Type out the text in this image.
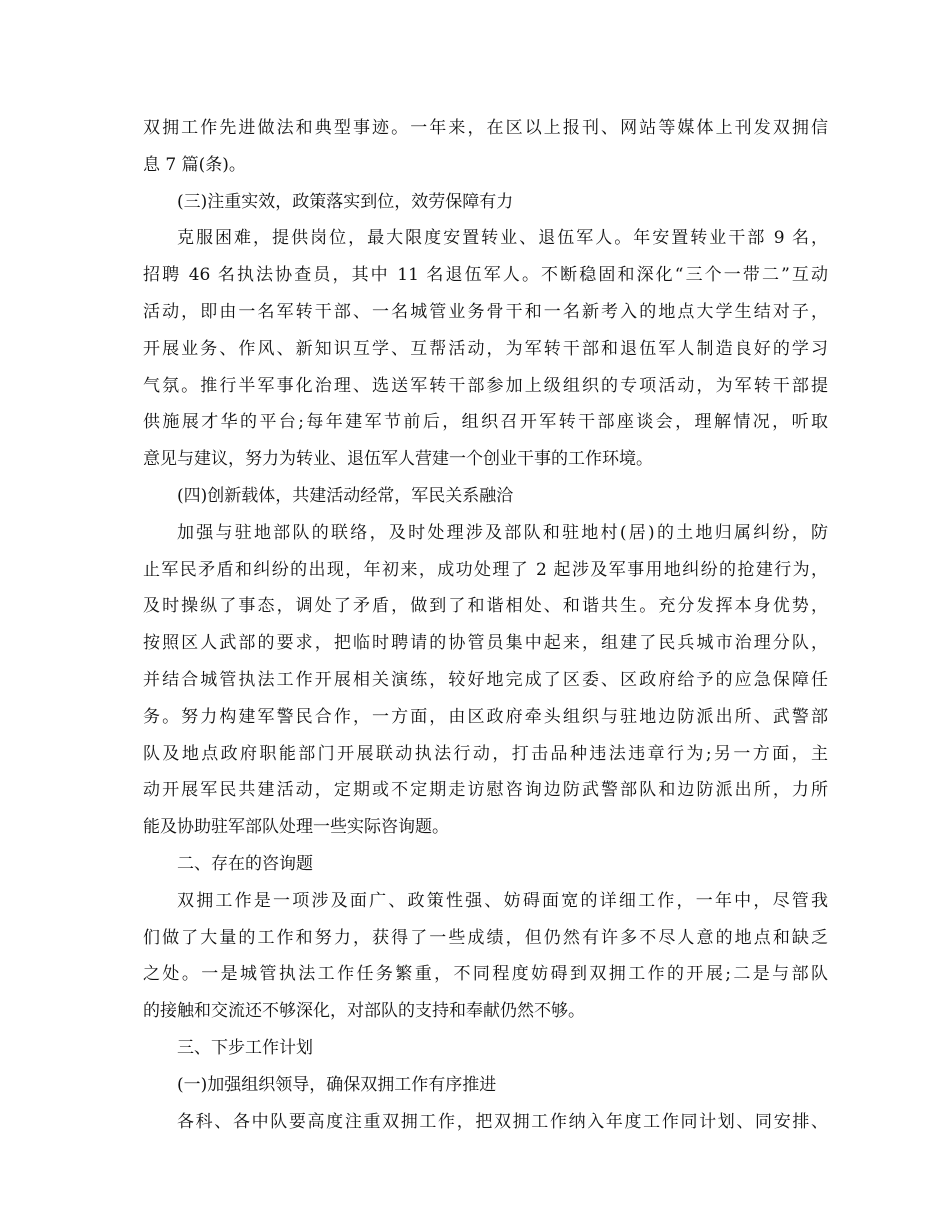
双拥工作先进做法和典型事迹。一年来，在区以上报刊、网站等媒体上刊发双拥信
息 7 篇(条)。
(三)注重实效，政策落实到位，效劳保障有力
克服困难，提供岗位，最大限度安置转业、退伍军人。年安置转业干部 9 名，
招聘 46 名执法协查员，其中 11 名退伍军人。不断稳固和深化“三个一带二”互动
活动，即由一名军转干部、一名城管业务骨干和一名新考入的地点大学生结对子，
开展业务、作风、新知识互学、互帮活动，为军转干部和退伍军人制造良好的学习
气氛。推行半军事化治理、选送军转干部参加上级组织的专项活动，为军转干部提
供施展才华的平台;每年建军节前后，组织召开军转干部座谈会，理解情况，听取
意见与建议，努力为转业、退伍军人营建一个创业干事的工作环境。
(四)创新载体，共建活动经常，军民关系融洽
加强与驻地部队的联络，及时处理涉及部队和驻地村(居)的土地归属纠纷，防
止军民矛盾和纠纷的出现，年初来，成功处理了 2 起涉及军事用地纠纷的抢建行为，
及时操纵了事态，调处了矛盾，做到了和谐相处、和谐共生。充分发挥本身优势，
按照区人武部的要求，把临时聘请的协管员集中起来，组建了民兵城市治理分队，
并结合城管执法工作开展相关演练，较好地完成了区委、区政府给予的应急保障任
务。努力构建军警民合作，一方面，由区政府牵头组织与驻地边防派出所、武警部
队及地点政府职能部门开展联动执法行动，打击品种违法违章行为;另一方面，主
动开展军民共建活动，定期或不定期走访慰咨询边防武警部队和边防派出所，力所
能及协助驻军部队处理一些实际咨询题。
二、存在的咨询题
双拥工作是一项涉及面广、政策性强、妨碍面宽的详细工作，一年中，尽管我
们做了大量的工作和努力，获得了一些成绩，但仍然有许多不尽人意的地点和缺乏
之处。一是城管执法工作任务繁重，不同程度妨碍到双拥工作的开展;二是与部队
的接触和交流还不够深化，对部队的支持和奉献仍然不够。
三、下步工作计划
(一)加强组织领导，确保双拥工作有序推进
各科、各中队要高度注重双拥工作，把双拥工作纳入年度工作同计划、同安排、
